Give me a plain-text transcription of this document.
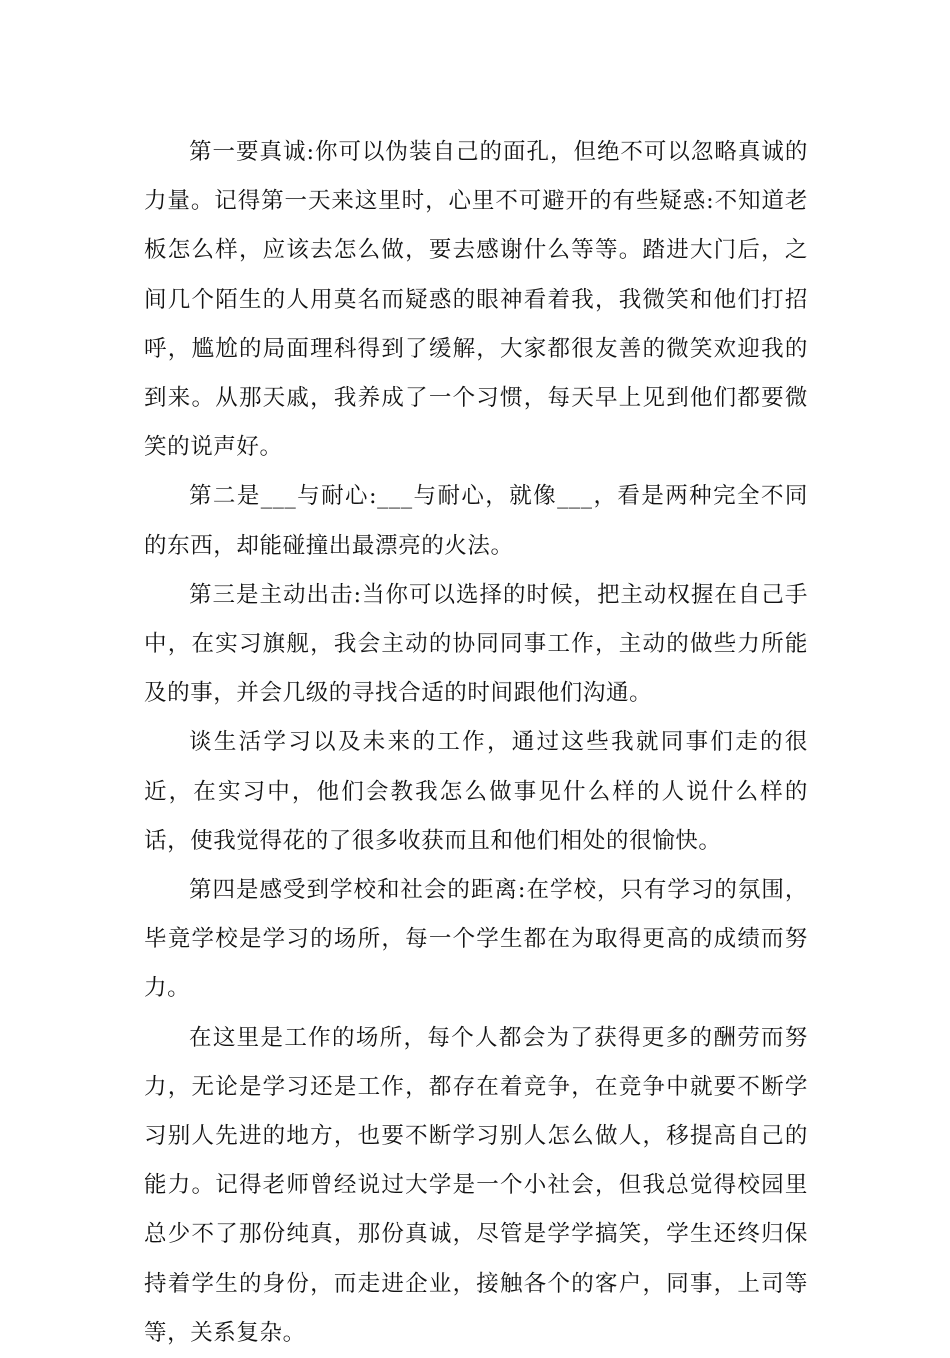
第一要真诚:你可以伪装自己的面孔，但绝不可以忽略真诚的力量。记得第一天来这里时，心里不可避开的有些疑惑:不知道老板怎么样，应该去怎么做，要去感谢什么等等。踏进大门后，之间几个陌生的人用莫名而疑惑的眼神看着我，我微笑和他们打招呼，尴尬的局面理科得到了缓解，大家都很友善的微笑欢迎我的到来。从那天戚，我养成了一个习惯，每天早上见到他们都要微笑的说声好。

第二是___与耐心:___与耐心，就像___，看是两种完全不同的东西，却能碰撞出最漂亮的火法。

第三是主动出击:当你可以选择的时候，把主动权握在自己手中，在实习旗舰，我会主动的协同同事工作，主动的做些力所能及的事，并会几级的寻找合适的时间跟他们沟通。

谈生活学习以及未来的工作，通过这些我就同事们走的很近，在实习中，他们会教我怎么做事见什么样的人说什么样的话，使我觉得花的了很多收获而且和他们相处的很愉快。

第四是感受到学校和社会的距离:在学校，只有学习的氛围，毕竟学校是学习的场所，每一个学生都在为取得更高的成绩而努力。

在这里是工作的场所，每个人都会为了获得更多的酬劳而努力，无论是学习还是工作，都存在着竞争，在竞争中就要不断学习别人先进的地方，也要不断学习别人怎么做人，移提高自己的能力。记得老师曾经说过大学是一个小社会，但我总觉得校园里总少不了那份纯真，那份真诚，尽管是学学搞笑，学生还终归保持着学生的身份，而走进企业，接触各个的客户，同事，上司等等，关系复杂。
